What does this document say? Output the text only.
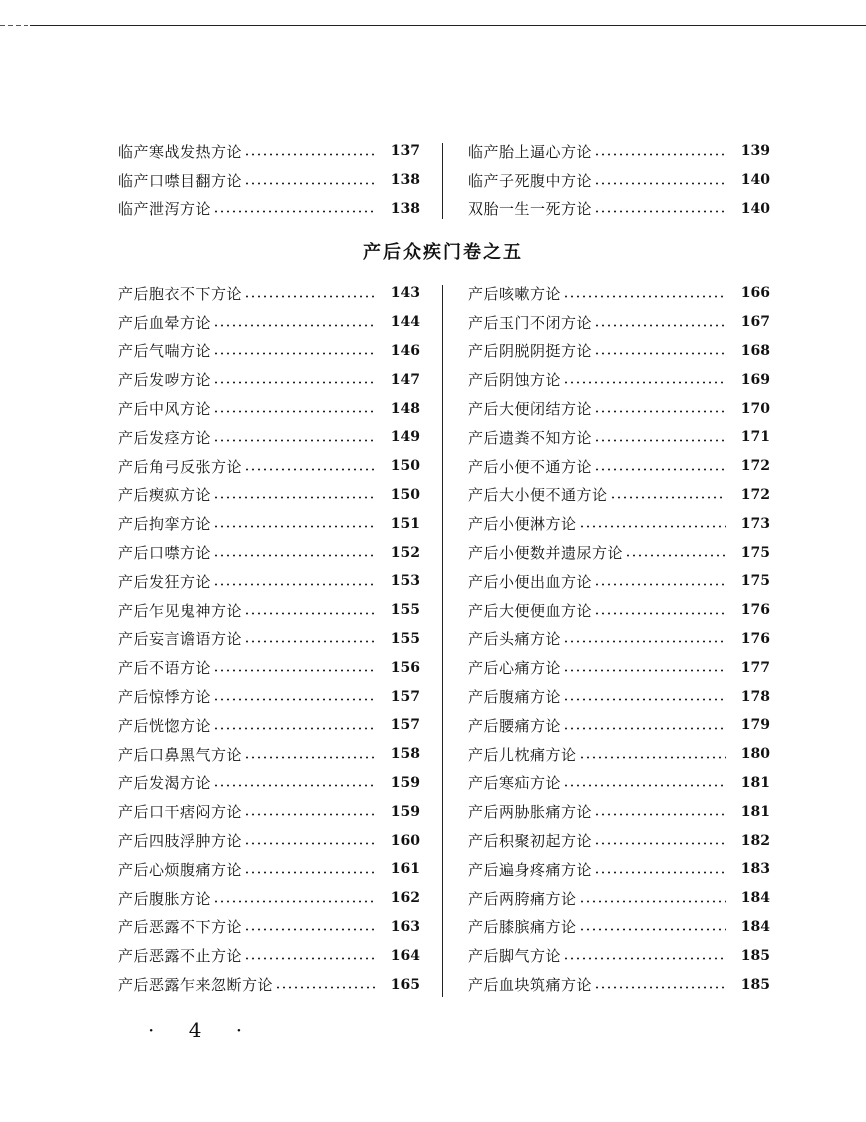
临产寒战发热方论	137
临产口噤目翻方论	138
临产泄泻方论	138
临产胎上逼心方论	139
临产子死腹中方论	140
双胎一生一死方论	140
产后众疾门卷之五
产后胞衣不下方论	143
产后血晕方论	144
产后气喘方论	146
产后发哕方论	147
产后中风方论	148
产后发痉方论	149
产后角弓反张方论	150
产后瘈疭方论	150
产后拘挛方论	151
产后口噤方论	152
产后发狂方论	153
产后乍见鬼神方论	155
产后妄言谵语方论	155
产后不语方论	156
产后惊悸方论	157
产后恍惚方论	157
产后口鼻黑气方论	158
产后发渴方论	159
产后口干痞闷方论	159
产后四肢浮肿方论	160
产后心烦腹痛方论	161
产后腹胀方论	162
产后恶露不下方论	163
产后恶露不止方论	164
产后恶露乍来忽断方论	165
产后咳嗽方论	166
产后玉门不闭方论	167
产后阴脱阴挺方论	168
产后阴蚀方论	169
产后大便闭结方论	170
产后遗粪不知方论	171
产后小便不通方论	172
产后大小便不通方论	172
产后小便淋方论	173
产后小便数并遗尿方论	175
产后小便出血方论	175
产后大便便血方论	176
产后头痛方论	176
产后心痛方论	177
产后腹痛方论	178
产后腰痛方论	179
产后儿枕痛方论	180
产后寒疝方论	181
产后两胁胀痛方论	181
产后积聚初起方论	182
产后遍身疼痛方论	183
产后两胯痛方论	184
产后膝膑痛方论	184
产后脚气方论	185
产后血块筑痛方论	185
· 4 ·
